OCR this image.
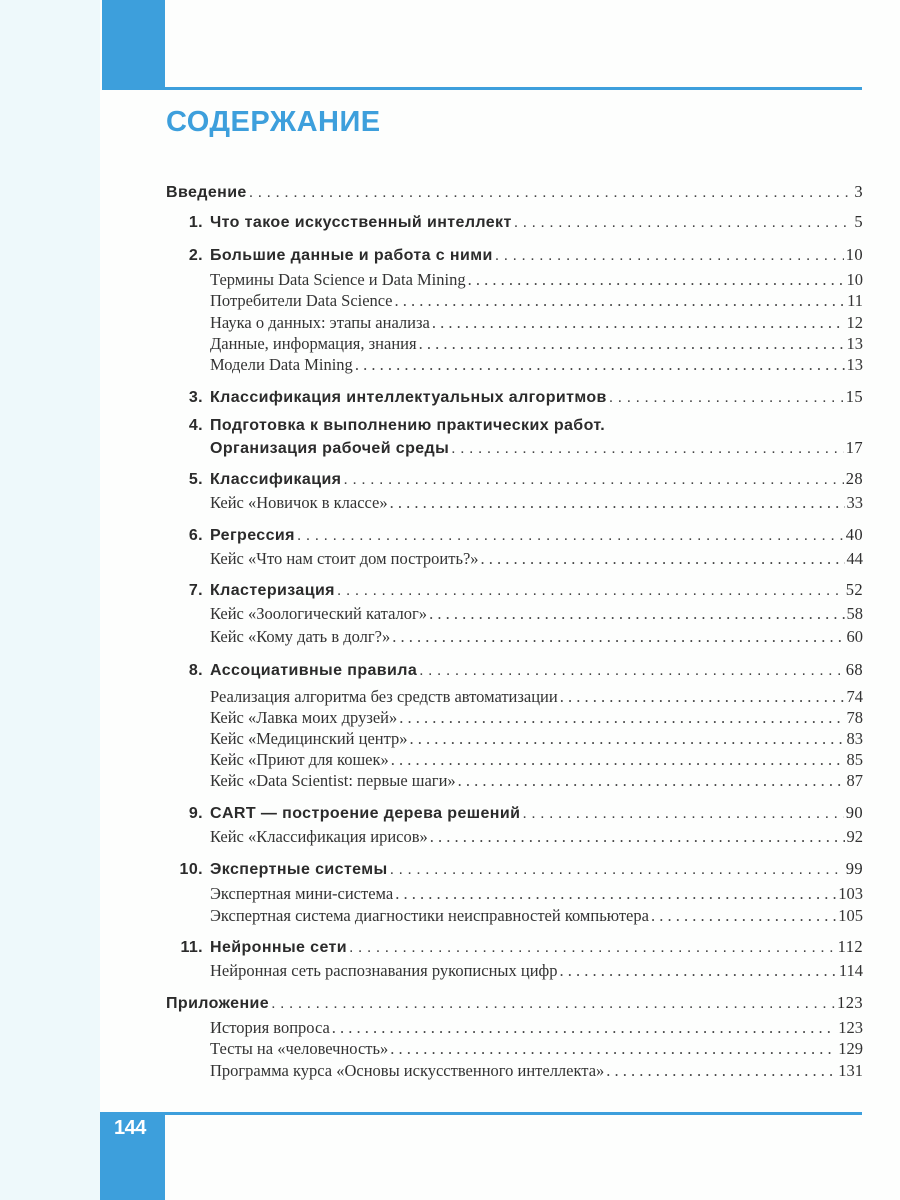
СОДЕРЖАНИЕ
Введение . . .	3
1. Что такое искусственный интеллект . . .	5
2. Большие данные и работа с ними . . .	10
Термины Data Science и Data Mining . . .	10
Потребители Data Science . . .	11
Наука о данных: этапы анализа . . .	12
Данные, информация, знания . . .	13
Модели Data Mining . . .	13
3. Классификация интеллектуальных алгоритмов . . .	15
4. Подготовка к выполнению практических работ.
Организация рабочей среды . . .	17
5. Классификация . . .	28
Кейс «Новичок в классе» . . .	33
6. Регрессия . . .	40
Кейс «Что нам стоит дом построить?» . . .	44
7. Кластеризация . . .	52
Кейс «Зоологический каталог» . . .	58
Кейс «Кому дать в долг?» . . .	60
8. Ассоциативные правила . . .	68
Реализация алгоритма без средств автоматизации . . .	74
Кейс «Лавка моих друзей» . . .	78
Кейс «Медицинский центр» . . .	83
Кейс «Приют для кошек» . . .	85
Кейс «Data Scientist: первые шаги» . . .	87
9. CART — построение дерева решений . . .	90
Кейс «Классификация ирисов» . . .	92
10. Экспертные системы . . .	99
Экспертная мини-система . . .	103
Экспертная система диагностики неисправностей компьютера . . .	105
11. Нейронные сети . . .	112
Нейронная сеть распознавания рукописных цифр . . .	114
Приложение . . .	123
История вопроса . . .	123
Тесты на «человечность» . . .	129
Программа курса «Основы искусственного интеллекта» . . .	131
144
